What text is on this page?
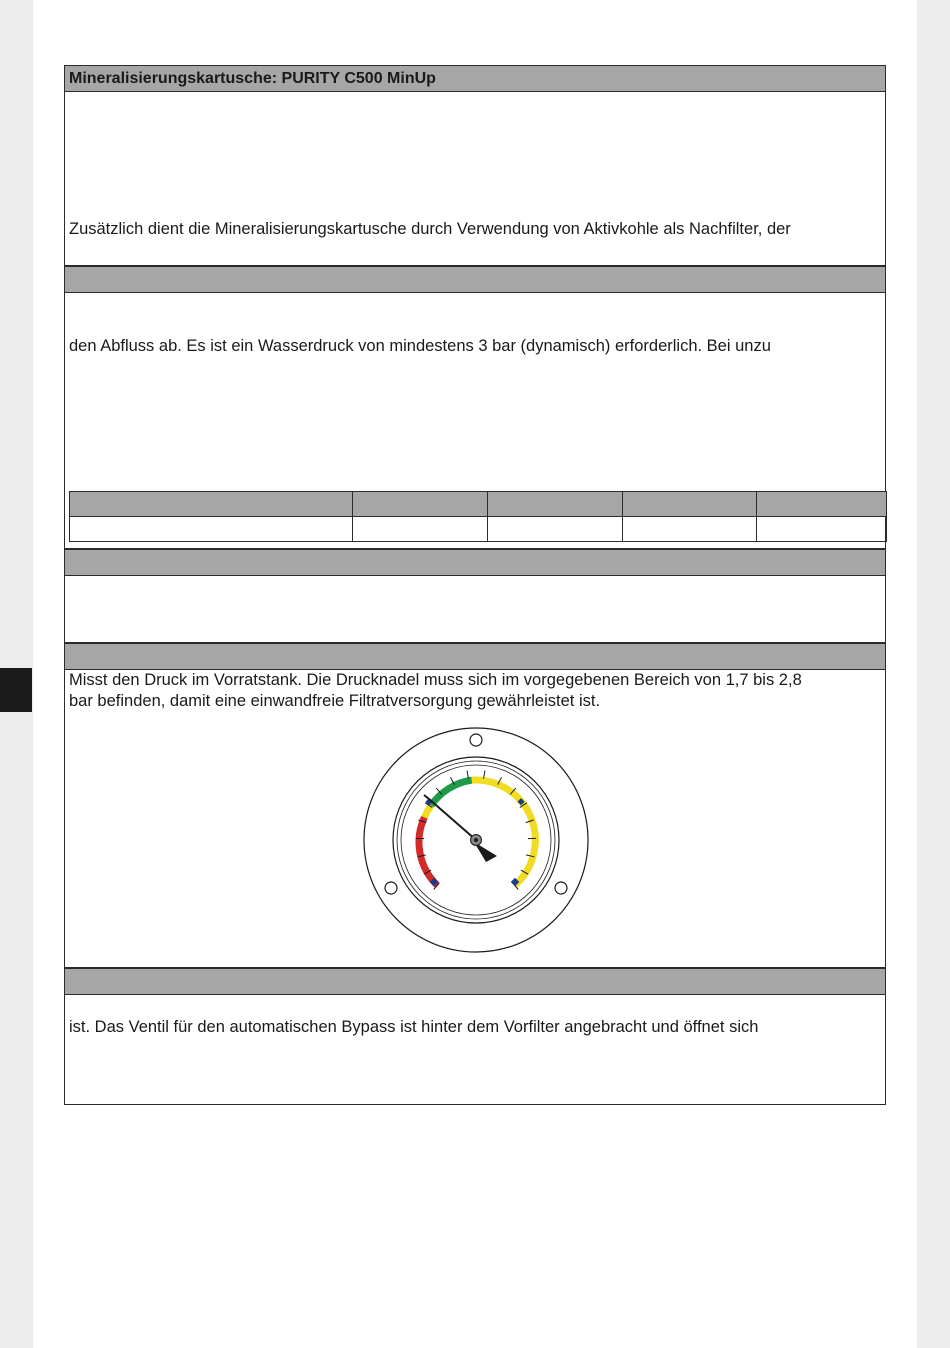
Mineralisierungskartusche: PURITY C500 MinUp
Zusätzlich dient die Mineralisierungskartusche durch Verwendung von Aktivkohle als Nachfilter, der
den Abfluss ab. Es ist ein Wasserdruck von mindestens 3 bar (dynamisch) erforderlich. Bei unzu

Misst den Druck im Vorratstank. Die Drucknadel muss sich im vorgegebenen Bereich von 1,7 bis 2,8
bar befinden, damit eine einwandfreie Filtratversorgung gewährleistet ist.
ist. Das Ventil für den automatischen Bypass ist hinter dem Vorfilter angebracht und öffnet sich
